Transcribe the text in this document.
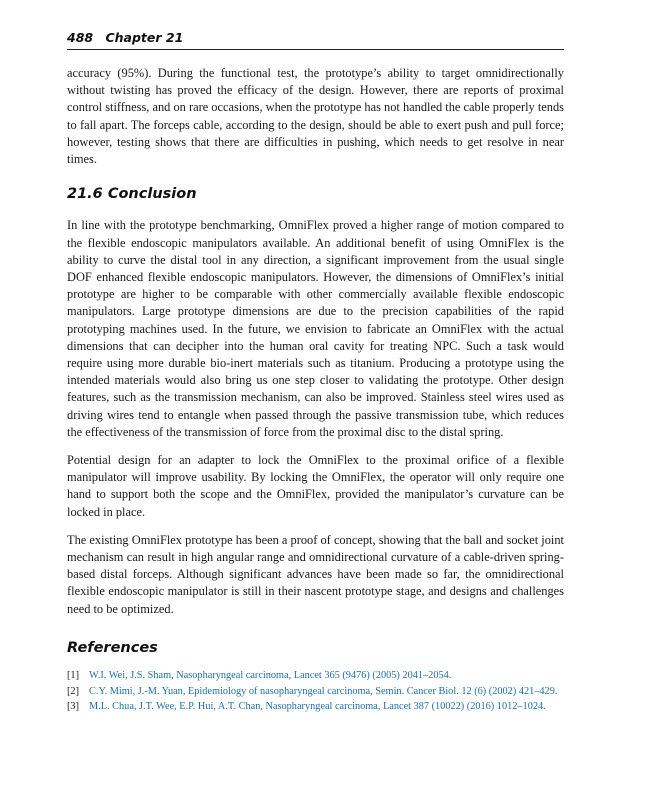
488 Chapter 21

accuracy (95%). During the functional test, the prototype’s ability to target omnidirectionally without twisting has proved the efficacy of the design. However, there are reports of proximal control stiffness, and on rare occasions, when the prototype has not handled the cable properly tends to fall apart. The forceps cable, according to the design, should be able to exert push and pull force; however, testing shows that there are difficulties in pushing, which needs to get resolve in near times.

21.6 Conclusion

In line with the prototype benchmarking, OmniFlex proved a higher range of motion compared to the flexible endoscopic manipulators available. An additional benefit of using OmniFlex is the ability to curve the distal tool in any direction, a significant improvement from the usual single DOF enhanced flexible endoscopic manipulators. However, the dimensions of OmniFlex’s initial prototype are higher to be comparable with other commercially available flexible endoscopic manipulators. Large prototype dimensions are due to the precision capabilities of the rapid prototyping machines used. In the future, we envision to fabricate an OmniFlex with the actual dimensions that can decipher into the human oral cavity for treating NPC. Such a task would require using more durable bio-inert materials such as titanium. Producing a prototype using the intended materials would also bring us one step closer to validating the prototype. Other design features, such as the transmission mechanism, can also be improved. Stainless steel wires used as driving wires tend to entangle when passed through the passive transmission tube, which reduces the effectiveness of the transmission of force from the proximal disc to the distal spring.

Potential design for an adapter to lock the OmniFlex to the proximal orifice of a flexible manipulator will improve usability. By locking the OmniFlex, the operator will only require one hand to support both the scope and the OmniFlex, provided the manipulator’s curvature can be locked in place.

The existing OmniFlex prototype has been a proof of concept, showing that the ball and socket joint mechanism can result in high angular range and omnidirectional curvature of a cable-driven spring-based distal forceps. Although significant advances have been made so far, the omnidirectional flexible endoscopic manipulator is still in their nascent prototype stage, and designs and challenges need to be optimized.

References
[1] W.I. Wei, J.S. Sham, Nasopharyngeal carcinoma, Lancet 365 (9476) (2005) 2041–2054.
[2] C.Y. Mimi, J.-M. Yuan, Epidemiology of nasopharyngeal carcinoma, Semin. Cancer Biol. 12 (6) (2002) 421–429.
[3] M.L. Chua, J.T. Wee, E.P. Hui, A.T. Chan, Nasopharyngeal carcinoma, Lancet 387 (10022) (2016) 1012–1024.
